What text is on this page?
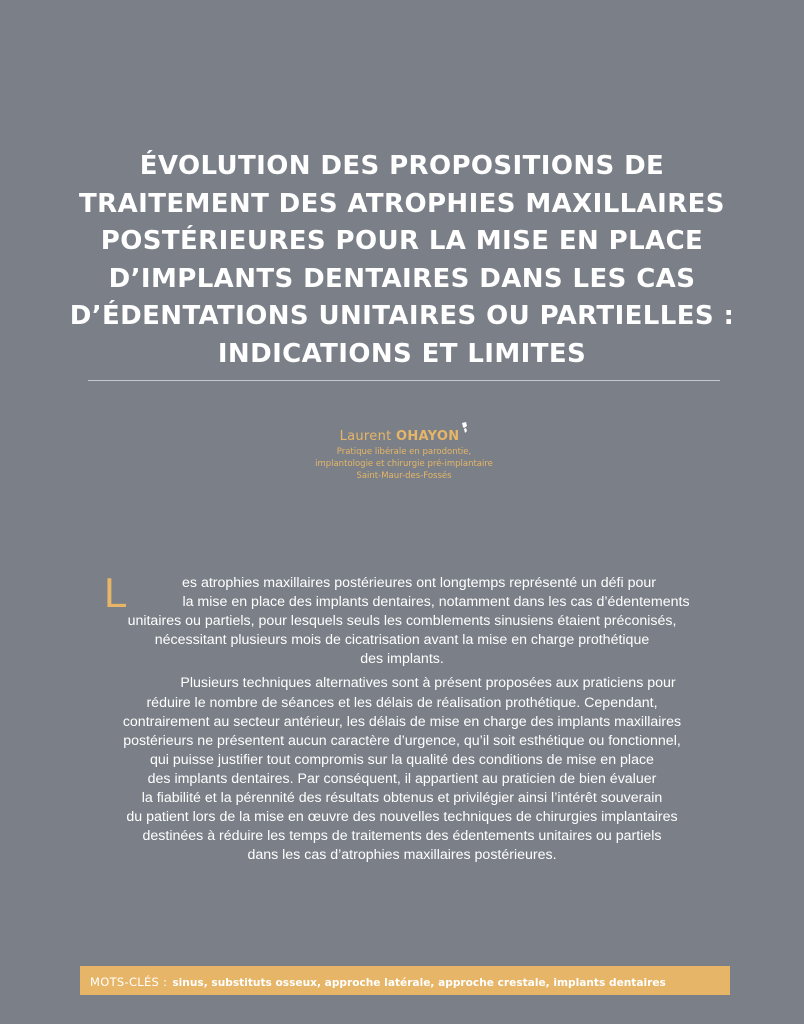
ÉVOLUTION DES PROPOSITIONS DE
TRAITEMENT DES ATROPHIES MAXILLAIRES
POSTÉRIEURES POUR LA MISE EN PLACE
D’IMPLANTS DENTAIRES DANS LES CAS
D’ÉDENTATIONS UNITAIRES OU PARTIELLES :
INDICATIONS ET LIMITES
Laurent OHAYON
Pratique libérale en parodontie,
implantologie et chirurgie pré-implantaire
Saint-Maur-des-Fossés
L	es atrophies maxillaires postérieures ont longtemps représenté un défi pour
la mise en place des implants dentaires, notamment dans les cas d’édentements
unitaires ou partiels, pour lesquels seuls les comblements sinusiens étaient préconisés,
nécessitant plusieurs mois de cicatrisation avant la mise en charge prothétique
des implants.
Plusieurs techniques alternatives sont à présent proposées aux praticiens pour
réduire le nombre de séances et les délais de réalisation prothétique. Cependant,
contrairement au secteur antérieur, les délais de mise en charge des implants maxillaires
postérieurs ne présentent aucun caractère d’urgence, qu’il soit esthétique ou fonctionnel,
qui puisse justifier tout compromis sur la qualité des conditions de mise en place
des implants dentaires. Par conséquent, il appartient au praticien de bien évaluer
la fiabilité et la pérennité des résultats obtenus et privilégier ainsi l’intérêt souverain
du patient lors de la mise en œuvre des nouvelles techniques de chirurgies implantaires
destinées à réduire les temps de traitements des édentements unitaires ou partiels
dans les cas d’atrophies maxillaires postérieures.
MOTS-CLÉS : sinus, substituts osseux, approche latérale, approche crestale, implants dentaires
